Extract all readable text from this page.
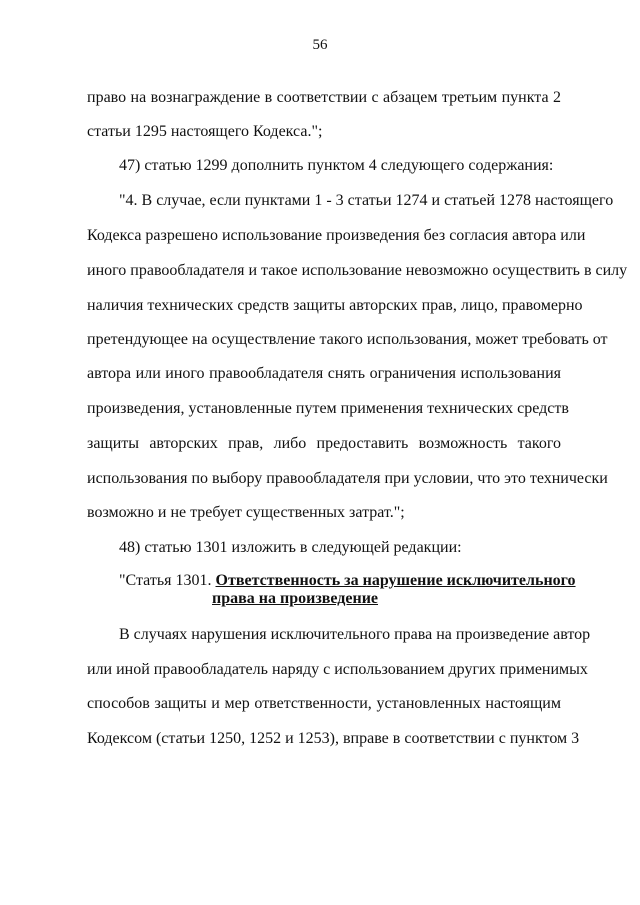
56
право на вознаграждение в соответствии с абзацем третьим пункта 2
статьи 1295 настоящего Кодекса.";
47) статью 1299 дополнить пунктом 4 следующего содержания:
"4. В случае, если пунктами 1 - 3 статьи 1274 и статьей 1278 настоящего
Кодекса разрешено использование произведения без согласия автора или
иного правообладателя и такое использование невозможно осуществить в силу
наличия технических средств защиты авторских прав, лицо, правомерно
претендующее на осуществление такого использования, может требовать от
автора или иного правообладателя снять ограничения использования
произведения, установленные путем применения технических средств
защиты авторских прав, либо предоставить возможность такого
использования по выбору правообладателя при условии, что это технически
возможно и не требует существенных затрат.";
48) статью 1301 изложить в следующей редакции:
"Статья 1301. Ответственность за нарушение исключительного
права на произведение
В случаях нарушения исключительного права на произведение автор
или иной правообладатель наряду с использованием других применимых
способов защиты и мер ответственности, установленных настоящим
Кодексом (статьи 1250, 1252 и 1253), вправе в соответствии с пунктом 3
